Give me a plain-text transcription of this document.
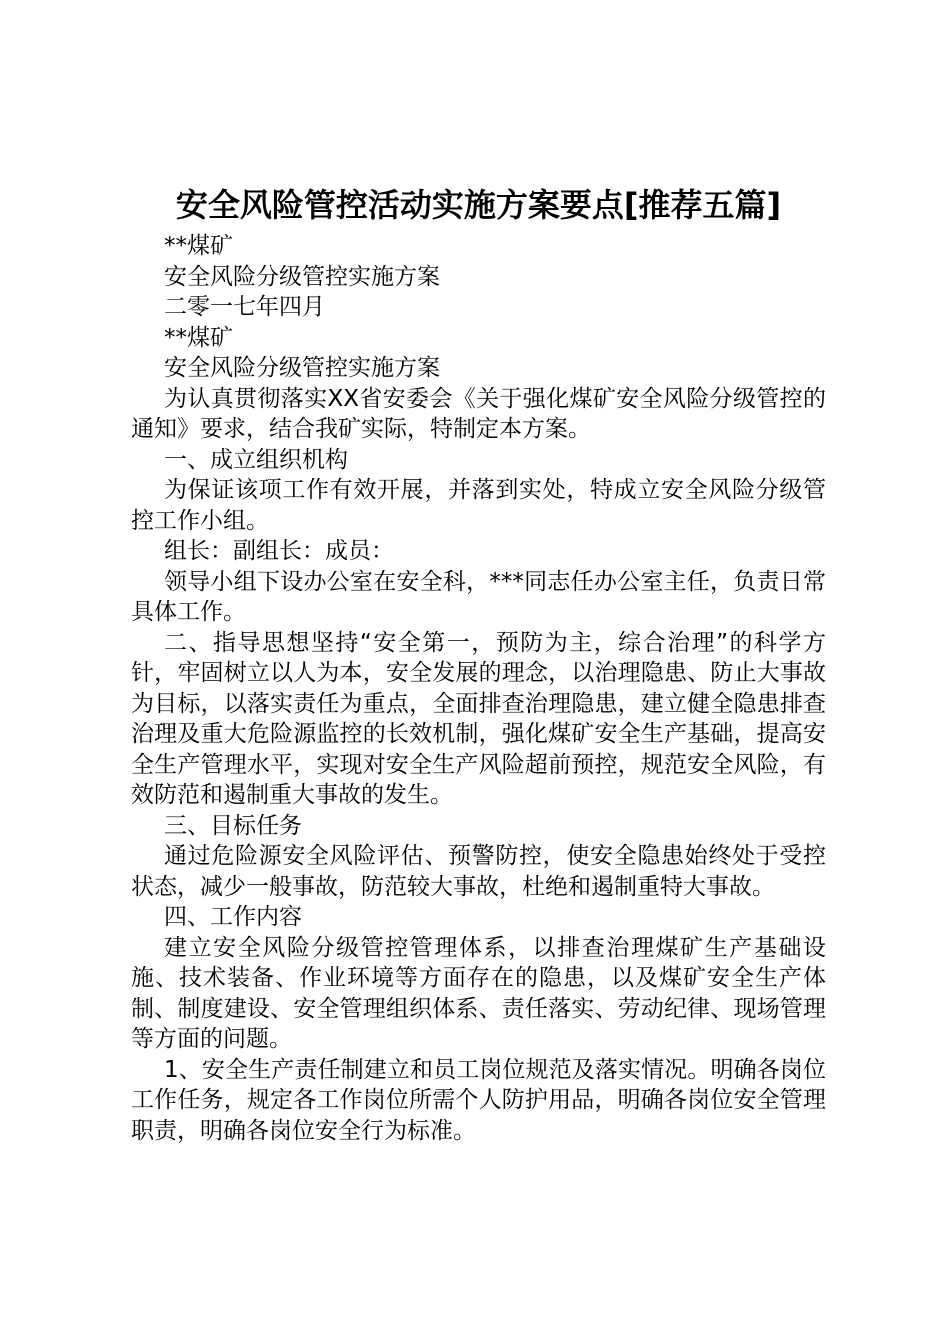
安全风险管控活动实施方案要点[推荐五篇]

**煤矿

安全风险分级管控实施方案

二零一七年四月

**煤矿

安全风险分级管控实施方案

为认真贯彻落实XX省安委会《关于强化煤矿安全风险分级管控的通知》要求，结合我矿实际，特制定本方案。

一、成立组织机构

为保证该项工作有效开展，并落到实处，特成立安全风险分级管控工作小组。

组长：副组长：成员：

领导小组下设办公室在安全科，***同志任办公室主任，负责日常具体工作。

二、指导思想坚持“安全第一，预防为主，综合治理”的科学方针，牢固树立以人为本，安全发展的理念，以治理隐患、防止大事故为目标，以落实责任为重点，全面排查治理隐患，建立健全隐患排查治理及重大危险源监控的长效机制，强化煤矿安全生产基础，提高安全生产管理水平，实现对安全生产风险超前预控，规范安全风险，有效防范和遏制重大事故的发生。

三、目标任务

通过危险源安全风险评估、预警防控，使安全隐患始终处于受控状态，减少一般事故，防范较大事故，杜绝和遏制重特大事故。

四、工作内容

建立安全风险分级管控管理体系，以排查治理煤矿生产基础设施、技术装备、作业环境等方面存在的隐患，以及煤矿安全生产体制、制度建设、安全管理组织体系、责任落实、劳动纪律、现场管理等方面的问题。

1、安全生产责任制建立和员工岗位规范及落实情况。明确各岗位工作任务，规定各工作岗位所需个人防护用品，明确各岗位安全管理职责，明确各岗位安全行为标准。
